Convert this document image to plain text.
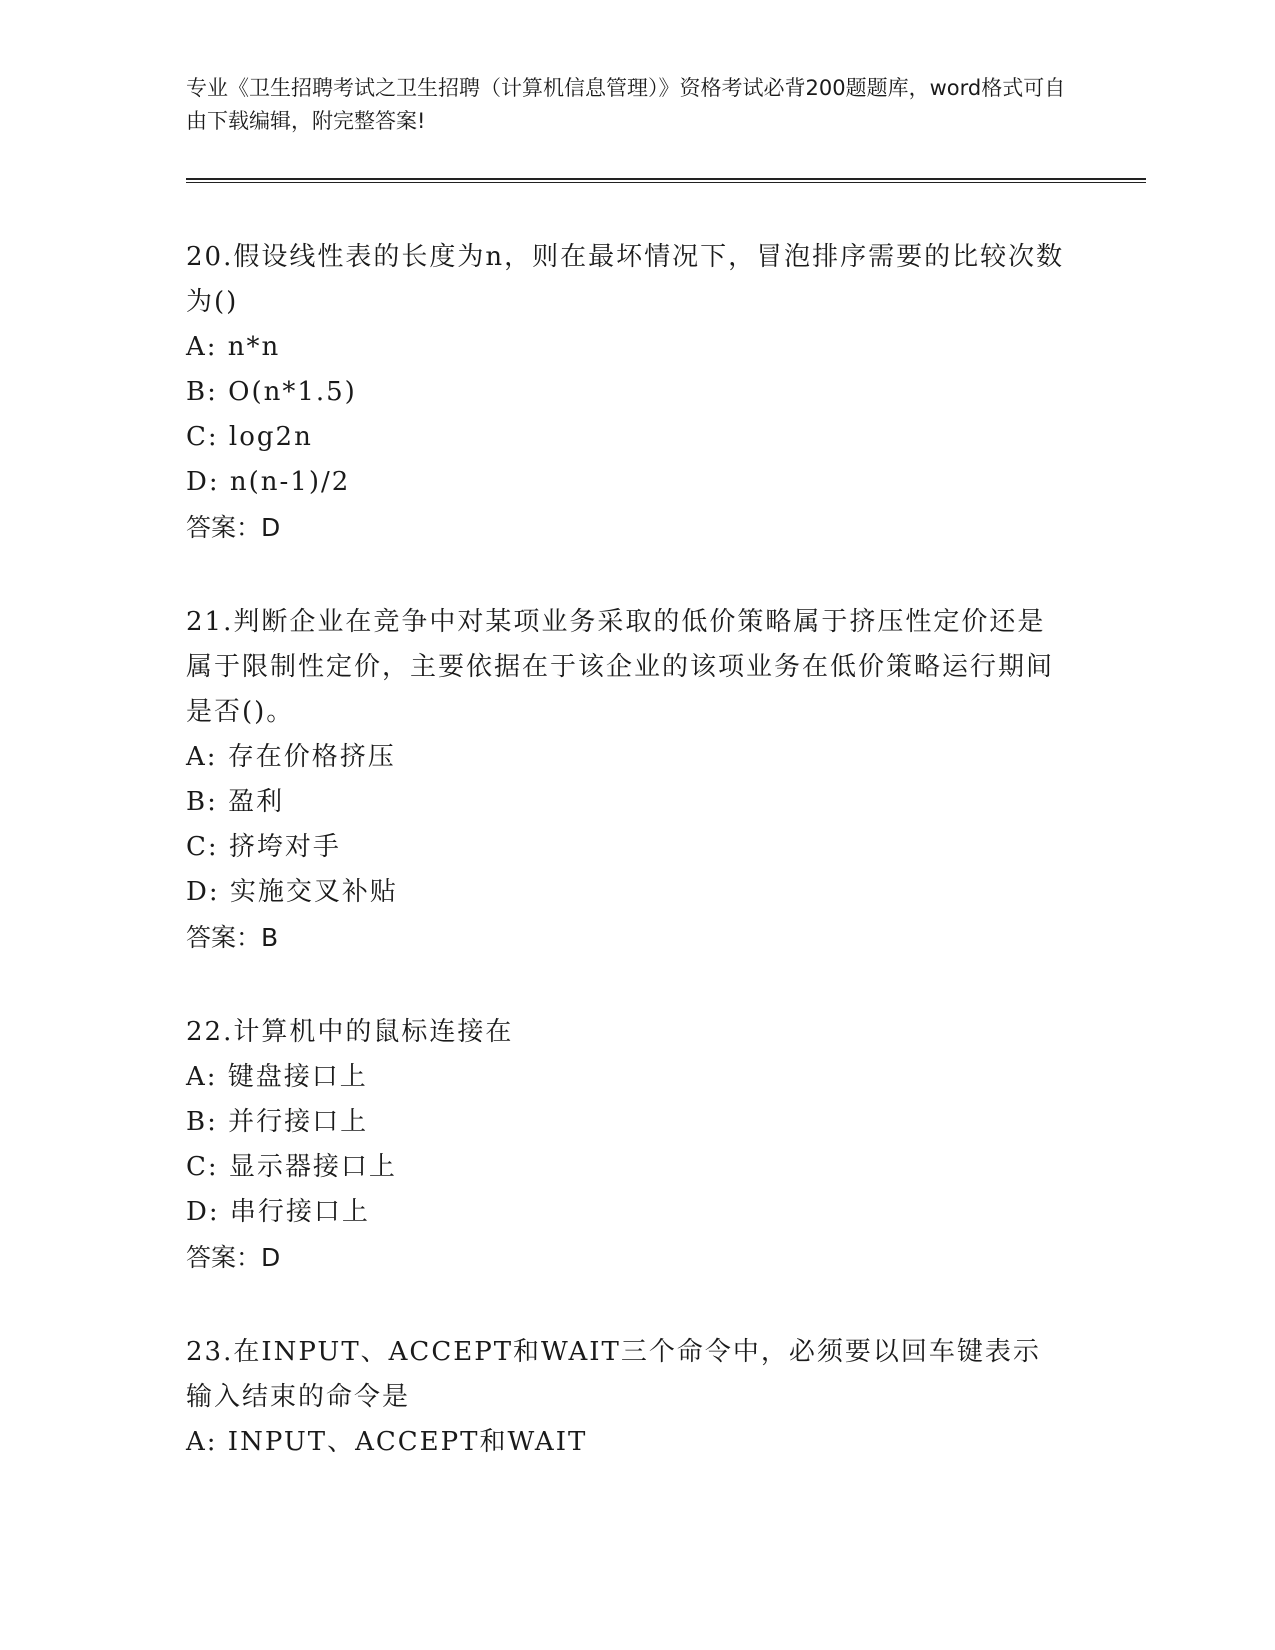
专业《卫生招聘考试之卫生招聘（计算机信息管理）》资格考试必背200题题库，word格式可自由下载编辑，附完整答案!

20.假设线性表的长度为n，则在最坏情况下，冒泡排序需要的比较次数为()

A: n*n

B: O(n*1.5)

C: log2n

D: n(n-1)/2

答案：D

21.判断企业在竞争中对某项业务采取的低价策略属于挤压性定价还是属于限制性定价，主要依据在于该企业的该项业务在低价策略运行期间是否()。

A: 存在价格挤压

B: 盈利

C: 挤垮对手

D: 实施交叉补贴

答案：B

22.计算机中的鼠标连接在

A: 键盘接口上

B: 并行接口上

C: 显示器接口上

D: 串行接口上

答案：D

23.在INPUT、ACCEPT和WAIT三个命令中，必须要以回车键表示输入结束的命令是

A: INPUT、ACCEPT和WAIT
